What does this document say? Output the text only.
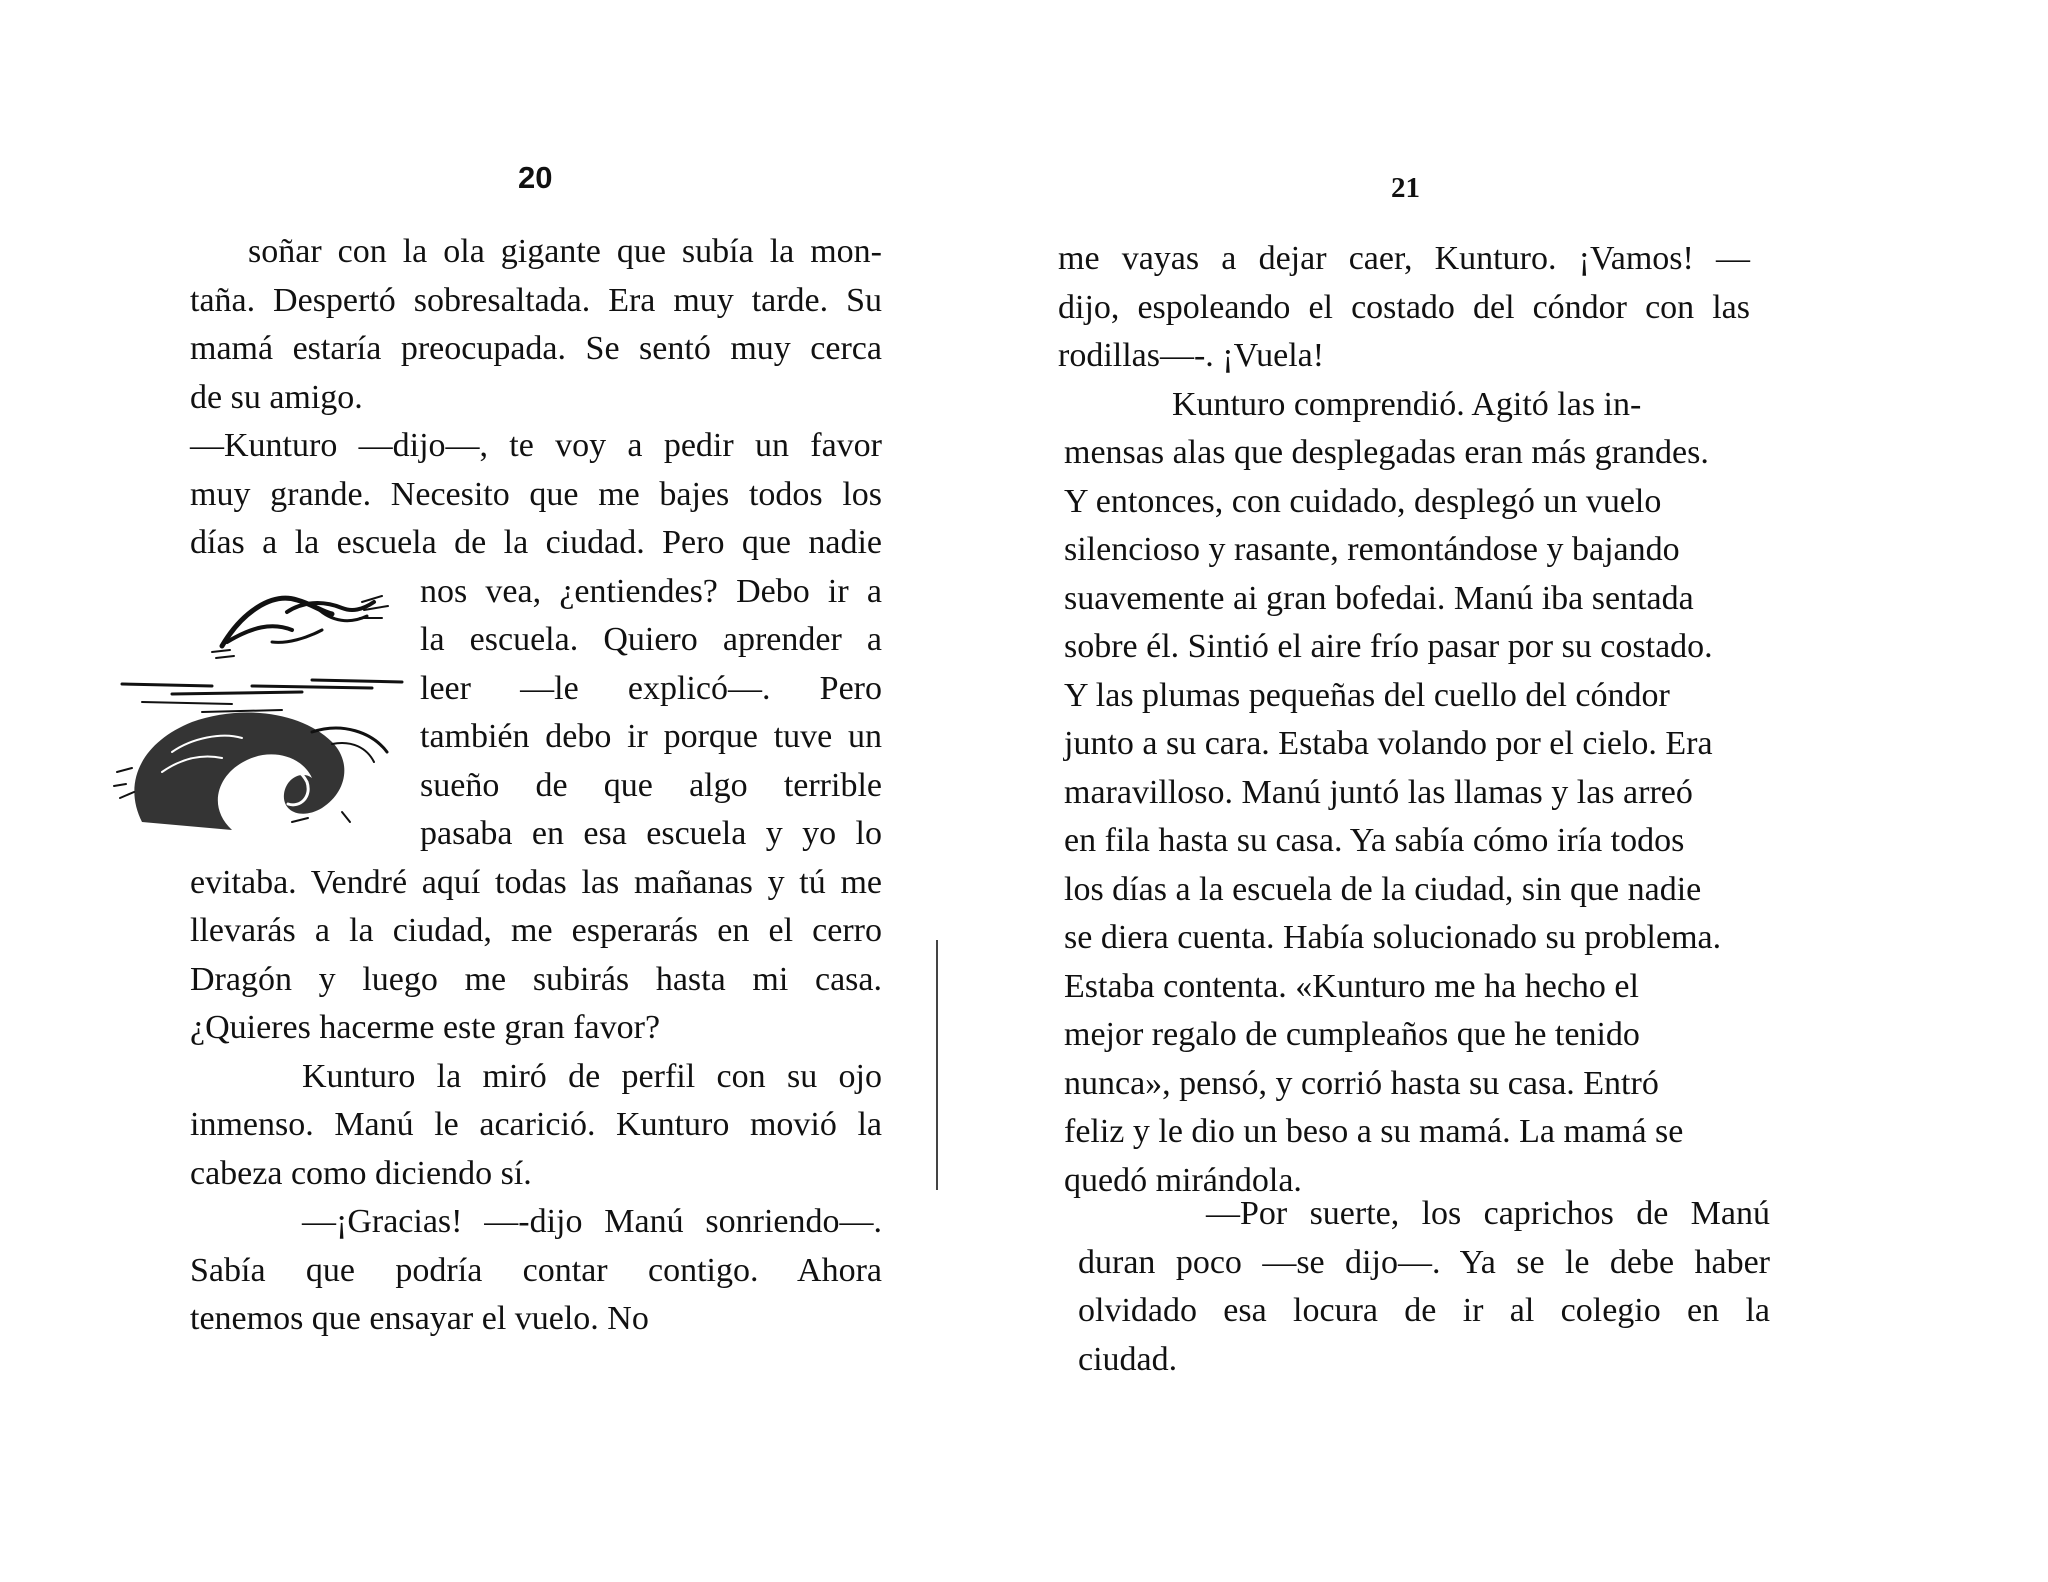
20
soñar con la ola gigante que subía la mon-
taña. Despertó sobresaltada. Era muy tarde. Su
mamá estaría preocupada. Se sentó muy cerca
de su amigo.
—Kunturo —dijo—, te voy a pedir un favor
muy grande. Necesito que me bajes todos los
días a la escuela de la ciudad. Pero que nadie
nos vea, ¿entiendes? Debo ir a
la escuela. Quiero aprender a
leer —le explicó—. Pero
también debo ir porque tuve un
sueño de que algo terrible
pasaba en esa escuela y yo lo
evitaba. Vendré aquí todas las mañanas y tú me
llevarás a la ciudad, me esperarás en el cerro
Dragón y luego me subirás hasta mi casa.
¿Quieres hacerme este gran favor?
Kunturo la miró de perfil con su ojo
inmenso. Manú le acarició. Kunturo movió la
cabeza como diciendo sí.
—¡Gracias! —-dijo Manú sonriendo—.
Sabía que podría contar contigo. Ahora
tenemos que ensayar el vuelo. No
21
me vayas a dejar caer, Kunturo. ¡Vamos! —
dijo, espoleando el costado del cóndor con las
rodillas—-. ¡Vuela!
Kunturo comprendió. Agitó las in-
mensas alas que desplegadas eran más grandes.
Y entonces, con cuidado, desplegó un vuelo
silencioso y rasante, remontándose y bajando
suavemente ai gran bofedai. Manú iba sentada
sobre él. Sintió el aire frío pasar por su costado.
Y las plumas pequeñas del cuello del cóndor
junto a su cara. Estaba volando por el cielo. Era
maravilloso. Manú juntó las llamas y las arreó
en fila hasta su casa. Ya sabía cómo iría todos
los días a la escuela de la ciudad, sin que nadie
se diera cuenta. Había solucionado su problema.
Estaba contenta. «Kunturo me ha hecho el
mejor regalo de cumpleaños que he tenido
nunca», pensó, y corrió hasta su casa. Entró
feliz y le dio un beso a su mamá. La mamá se
quedó mirándola.
—Por suerte, los caprichos de Manú
duran poco —se dijo—. Ya se le debe haber
olvidado esa locura de ir al colegio en la
ciudad.
